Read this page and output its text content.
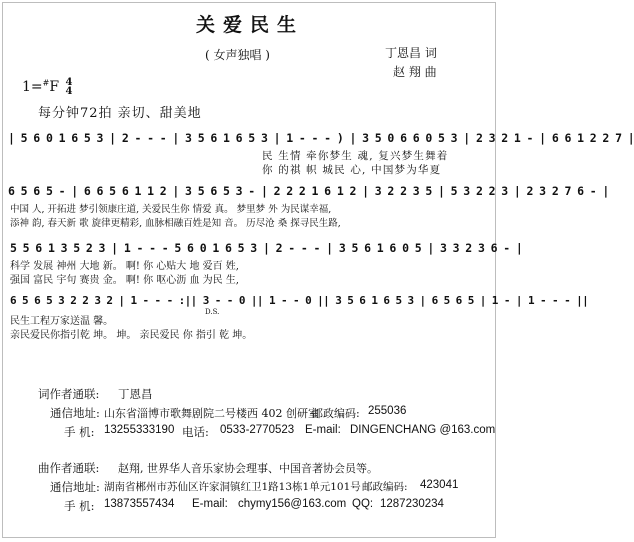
关爱民生
( 女声独唱 )	丁恩昌 词
赵 翔 曲
1=#F 4
4
每分钟72拍 亲切、甜美地
| 5 6 0 1 6 5 3 | 2 - - - | 3 5 6 1 6 5 3 | 1 - - - ) | 3 5 0 6 6 0 5 3 | 2 3 2 1 - | 6 6 1 2 2 7 |
民 生情 牵你梦生 魂, 复兴梦生舞着
你 的祺 帜 城民 心, 中国梦为华夏
6 5 6 5 - | 6 6 5 6 1 1 2 | 3 5 6 5 3 - | 2 2 2 1 6 1 2 | 3 2 2 3 5 | 5 3 2 2 3 | 2 3 2 7 6 - |
中国 人, 开拓进 梦引领康庄道, 关爱民生你 情爱 真。 梦里梦 外 为民谋幸福,
添神 韵, 春天新 歌 旋律更精彩, 血脉相融百姓是知 音。 历尽沧 桑 探寻民生路,
5 5 6 1 3 5 2 3 | 1 - - - 5 6 0 1 6 5 3 | 2 - - - | 3 5 6 1 6 0 5 | 3 3 2 3 6 - |
科学 发展 神州 大地 新。 啊! 你 心贴大 地 爱百 姓,
强国 富民 宇句 赛贵 金。 啊! 你 呕心沥 血 为民 生,
6 5 6 5 3 2 2 3 2 | 1 - - - :|| 3 - - 0 || 1 - - 0 || 3 5 6 1 6 5 3 | 6 5 6 5 | 1 - | 1 - - - ||
D.S.
民生工程万家送温 馨。
亲民爱民你指引乾 坤。 坤。 亲民爱民 你 指引 乾 坤。
词作者通联: 丁恩昌
通信地址: 山东省淄博市歌舞剧院二号楼西 402 创研室
邮政编码: 255036
手 机: 13255333190 电话: 0533-2770523 E-mail: DINGENCHANG @163.com
曲作者通联: 赵翔, 世界华人音乐家协会理事、中国音著协会员等。
通信地址: 湖南省郴州市苏仙区许家洞镇红卫1路13栋1单元101号 邮政编码: 423041
手 机: 13873557434 E-mail: chymy156@163.com QQ: 1287230234
